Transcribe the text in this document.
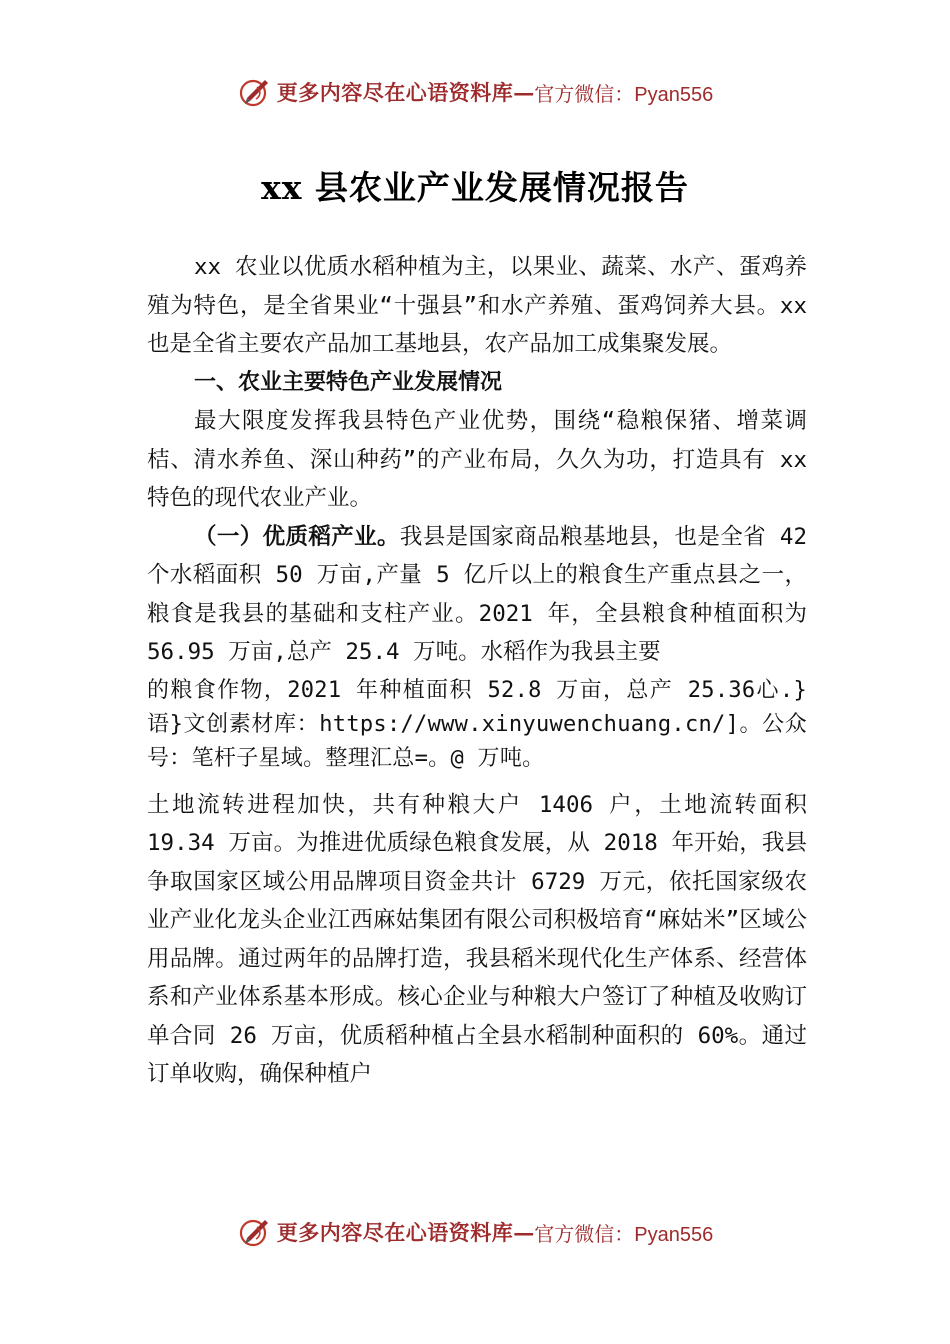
更多内容尽在心语资料库 — 官方微信：Pyan556
xx 县农业产业发展情况报告

xx 农业以优质水稻种植为主，以果业、蔬菜、水产、蛋鸡养殖为特色，是全省果业“十强县”和水产养殖、蛋鸡饲养大县。xx 也是全省主要农产品加工基地县，农产品加工成集聚发展。

一、农业主要特色产业发展情况

最大限度发挥我县特色产业优势，围绕“稳粮保猪、增菜调桔、清水养鱼、深山种药”的产业布局，久久为功，打造具有 xx 特色的现代农业产业。

（一）优质稻产业。我县是国家商品粮基地县，也是全省 42 个水稻面积 50 万亩,产量 5 亿斤以上的粮食生产重点县之一，粮食是我县的基础和支柱产业。2021 年，全县粮食种植面积为 56.95 万亩,总产 25.4 万吨。水稻作为我县主要

的粮食作物，2021 年种植面积 52.8 万亩，总产 25.36心.}语}文创素材库：https://www.xinyuwenchuang.cn/]。公众号：笔杆子星域。整理汇总=。@ 万吨。

土地流转进程加快，共有种粮大户 1406 户，土地流转面积 19.34 万亩。为推进优质绿色粮食发展，从 2018 年开始，我县争取国家区域公用品牌项目资金共计 6729 万元，依托国家级农业产业化龙头企业江西麻姑集团有限公司积极培育“麻姑米”区域公用品牌。通过两年的品牌打造，我县稻米现代化生产体系、经营体系和产业体系基本形成。核心企业与种粮大户签订了种植及收购订单合同 26 万亩，优质稻种植占全县水稻制种面积的 60%。通过订单收购，确保种植户

更多内容尽在心语资料库 — 官方微信：Pyan556
